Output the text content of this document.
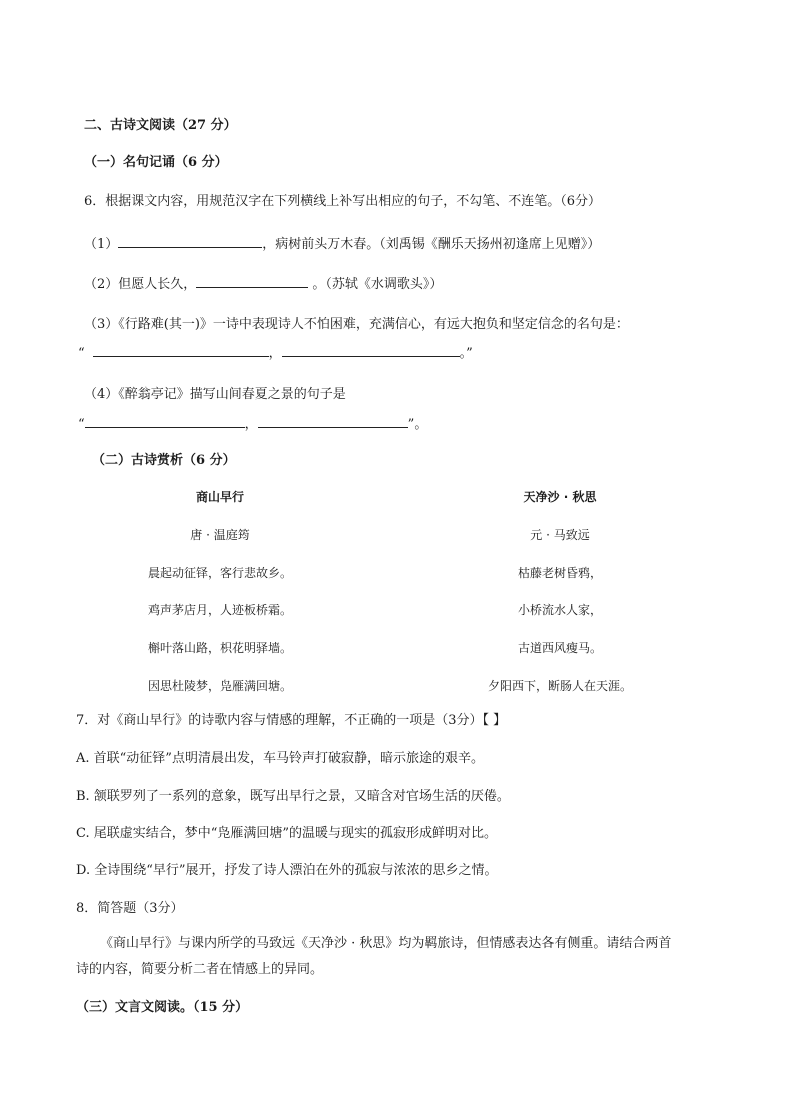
二、古诗文阅读（27 分）
（一）名句记诵（6 分）
6．根据课文内容，用规范汉字在下列横线上补写出相应的句子，不勾笔、不连笔。（6分）
（1）	，病树前头万木春。（刘禹锡《酬乐天扬州初逢席上见赠》）
（2）但愿人长久，	。（苏轼《水调歌头》）
（3）《行路难(其一)》一诗中表现诗人不怕困难，充满信心，有远大抱负和坚定信念的名句是：
“	，	。”
（4）《醉翁亭记》描写山间春夏之景的句子是
“	，	”。
（二）古诗赏析（6 分）
商山早行
唐 · 温庭筠
晨起动征铎，客行悲故乡。
鸡声茅店月，人迹板桥霜。
槲叶落山路，枳花明驿墙。
因思杜陵梦，凫雁满回塘。
天净沙 · 秋思
元 · 马致远
枯藤老树昏鸦，
小桥流水人家，
古道西风瘦马。
夕阳西下，断肠人在天涯。
7．对《商山早行》的诗歌内容与情感的理解，不正确的一项是（3分）【 】
A. 首联“动征铎”点明清晨出发，车马铃声打破寂静，暗示旅途的艰辛。
B. 颔联罗列了一系列的意象，既写出早行之景，又暗含对官场生活的厌倦。
C. 尾联虚实结合，梦中“凫雁满回塘”的温暖与现实的孤寂形成鲜明对比。
D. 全诗围绕“早行”展开，抒发了诗人漂泊在外的孤寂与浓浓的思乡之情。
8．简答题（3分）
《商山早行》与课内所学的马致远《天净沙 · 秋思》均为羁旅诗，但情感表达各有侧重。请结合两首
诗的内容，简要分析二者在情感上的异同。
（三）文言文阅读。（15 分）
